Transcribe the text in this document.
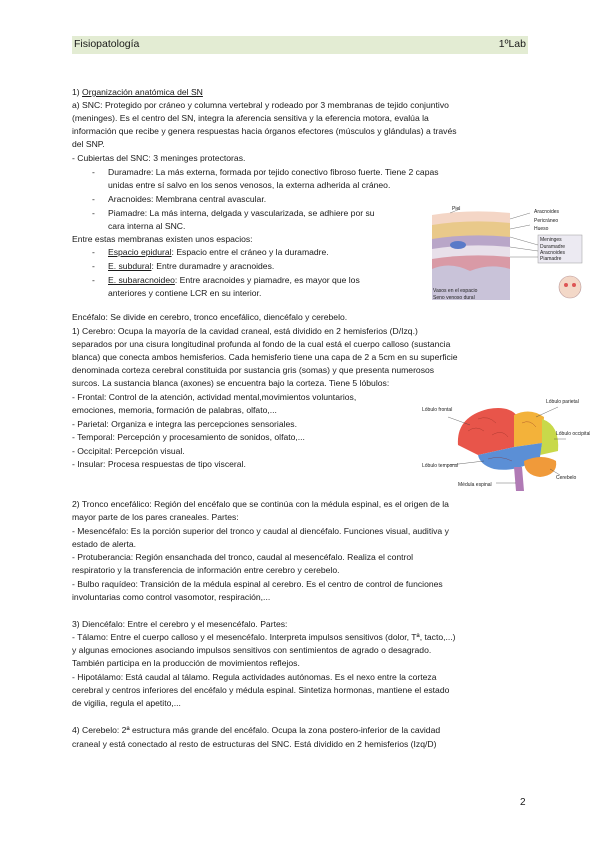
Fisiopatología	1ºLab
1) Organización anatómica del SN
a) SNC: Protegido por cráneo y columna vertebral y rodeado por 3 membranas de tejido conjuntivo
(meninges). Es el centro del SN, integra la aferencia sensitiva y la eferencia motora, evalúa la
información que recibe y genera respuestas hacia órganos efectores (músculos y glándulas) a través
del SNP.
- Cubiertas del SNC: 3 meninges protectoras.
- Duramadre: La más externa, formada por tejido conectivo fibroso fuerte. Tiene 2 capas
unidas entre sí salvo en los senos venosos, la externa adherida al cráneo.
- Aracnoides: Membrana central avascular.
- Piamadre: La más interna, delgada y vascularizada, se adhiere por su
cara interna al SNC.
Entre estas membranas existen unos espacios:
- Espacio epidural: Espacio entre el cráneo y la duramadre.
- E. subdural: Entre duramadre y aracnoides.
- E. subaracnoideo: Entre aracnoides y piamadre, es mayor que los
anteriores y contiene LCR en su interior.
Piel	Aracnoides
Pericráneo
Hueso
Meninges
Duramadre
Aracnoides
Piamadre
Vasos en el espacio
Seno venoso dural
Encéfalo: Se divide en cerebro, tronco encefálico, diencéfalo y cerebelo.
1) Cerebro: Ocupa la mayoría de la cavidad craneal, está dividido en 2 hemisferios (D/Izq.)
separados por una cisura longitudinal profunda al fondo de la cual está el cuerpo calloso (sustancia
blanca) que conecta ambos hemisferios. Cada hemisferio tiene una capa de 2 a 5cm en su superficie
denominada corteza cerebral constituida por sustancia gris (somas) y que presenta numerosos
surcos. La sustancia blanca (axones) se encuentra bajo la corteza. Tiene 5 lóbulos:
- Frontal: Control de la atención, actividad mental,movimientos voluntarios,
emociones, memoria, formación de palabras, olfato,...
- Parietal: Organiza e integra las percepciones sensoriales.
- Temporal: Percepción y procesamiento de sonidos, olfato,...
- Occipital: Percepción visual.
- Insular: Procesa respuestas de tipo visceral.
Lóbulo frontal
Lóbulo parietal
Lóbulo occipital
Lóbulo temporal
Médula espinal
Cerebelo
2) Tronco encefálico: Región del encéfalo que se continúa con la médula espinal, es el origen de la
mayor parte de los pares craneales. Partes:
- Mesencéfalo: Es la porción superior del tronco y caudal al diencéfalo. Funciones visual, auditiva y
estado de alerta.
- Protuberancia: Región ensanchada del tronco, caudal al mesencéfalo. Realiza el control
respiratorio y la transferencia de información entre cerebro y cerebelo.
- Bulbo raquídeo: Transición de la médula espinal al cerebro. Es el centro de control de funciones
involuntarias como control vasomotor, respiración,...
3) Diencéfalo: Entre el cerebro y el mesencéfalo. Partes:
- Tálamo: Entre el cuerpo calloso y el mesencéfalo. Interpreta impulsos sensitivos (dolor, Tª, tacto,...)
y algunas emociones asociando impulsos sensitivos con sentimientos de agrado o desagrado.
También participa en la producción de movimientos reflejos.
- Hipotálamo: Está caudal al tálamo. Regula actividades autónomas. Es el nexo entre la corteza
cerebral y centros inferiores del encéfalo y médula espinal. Sintetiza hormonas, mantiene el estado
de vigilia, regula el apetito,...
4) Cerebelo: 2ª estructura más grande del encéfalo. Ocupa la zona postero-inferior de la cavidad
craneal y está conectado al resto de estructuras del SNC. Está dividido en 2 hemisferios (Izq/D)
2
